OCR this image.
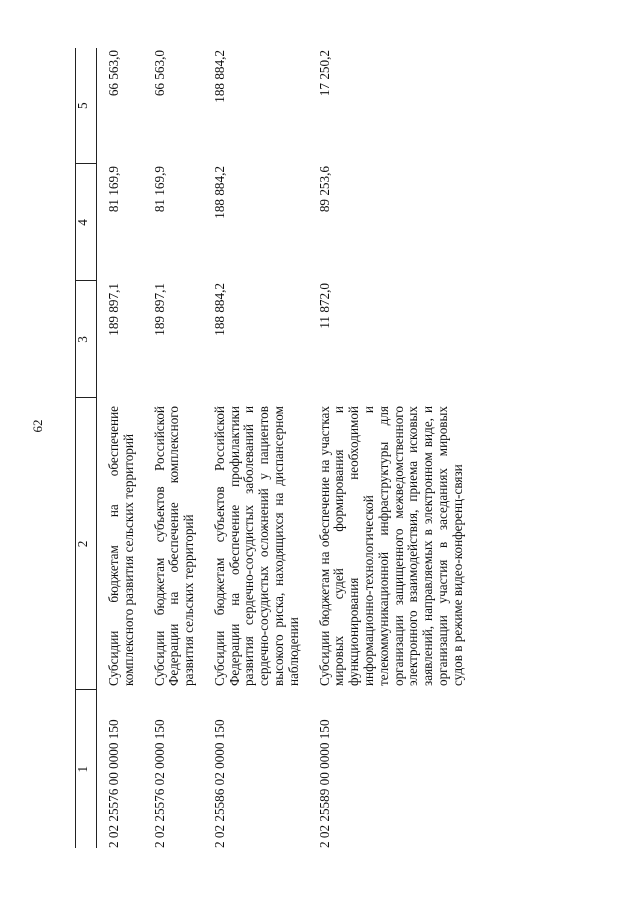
62
1	2	3	4	5
2 02 25576 00 0000 150	Субсидии бюджетам на обеспечение комплексного развития сельских территорий	189 897,1	81 169,9	66 563,0
2 02 25576 02 0000 150	Субсидии бюджетам субъектов Российской Федерации на обеспечение комплексного развития сельских территорий	189 897,1	81 169,9	66 563,0
2 02 25586 02 0000 150	Субсидии бюджетам субъектов Российской Федерации на обеспечение профилактики развития сердечно-сосудистых заболеваний и сердечно-сосудистых осложнений у пациентов высокого риска, находящихся на диспансерном наблюдении	188 884,2	188 884,2	188 884,2
2 02 25589 00 0000 150	Субсидии бюджетам на обеспечение на участках мировых судей формирования и функционирования необходимой информационно-технологической и телекоммуникационной инфраструктуры для организации защищенного межведомственного электронного взаимодействия, приема исковых заявлений, направляемых в электронном виде, и организации участия в заседаниях мировых судов в режиме видео-конференц-связи	11 872,0	89 253,6	17 250,2
